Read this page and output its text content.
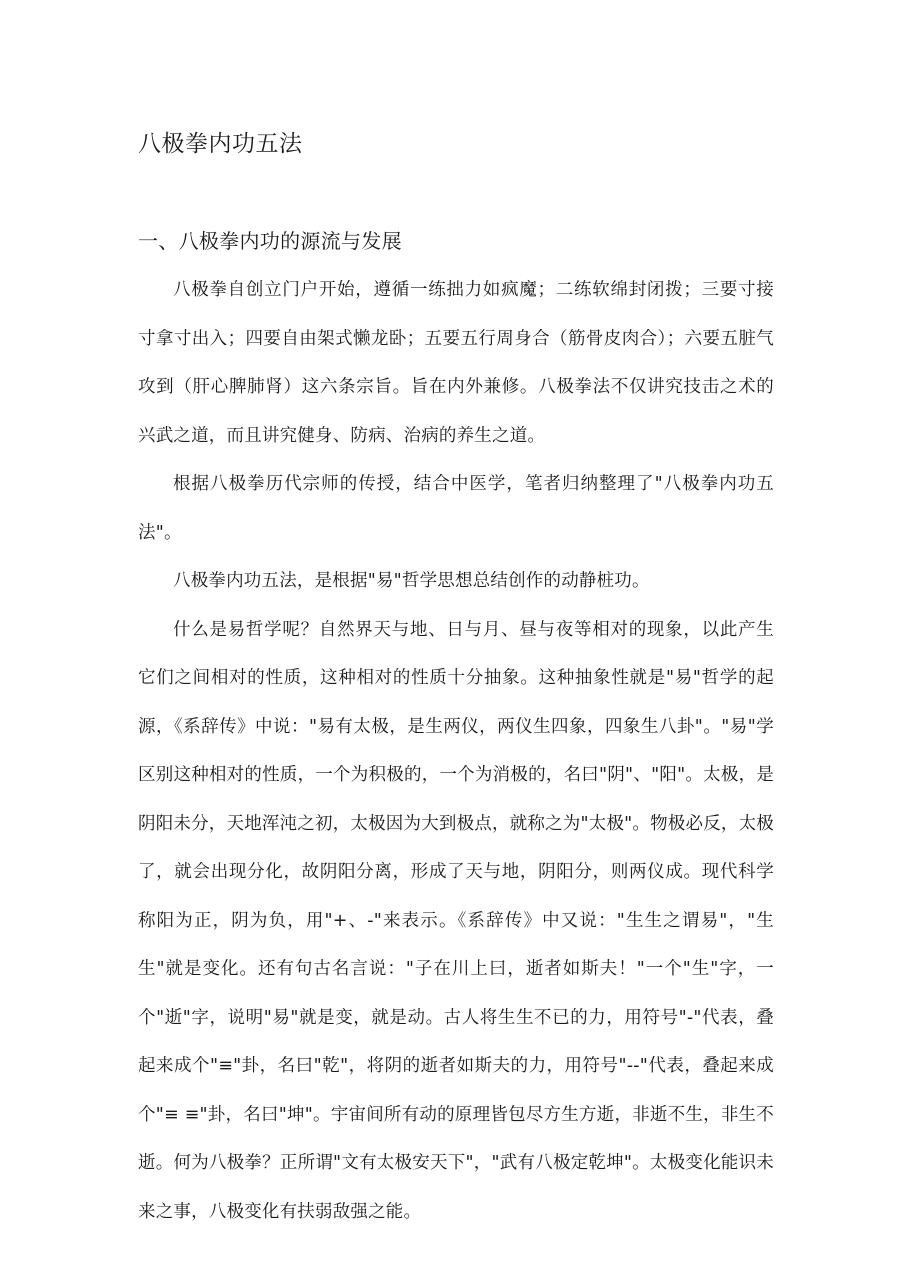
八极拳内功五法
一、八极拳内功的源流与发展

八极拳自创立门户开始，遵循一练拙力如疯魔；二练软绵封闭拨；三要寸接寸拿寸出入；四要自由架式懒龙卧；五要五行周身合（筋骨皮肉合）；六要五脏气攻到（肝心脾肺肾）这六条宗旨。旨在内外兼修。八极拳法不仅讲究技击之术的兴武之道，而且讲究健身、防病、治病的养生之道。

根据八极拳历代宗师的传授，结合中医学，笔者归纳整理了"八极拳内功五法"。

八极拳内功五法，是根据"易"哲学思想总结创作的动静桩功。

什么是易哲学呢？自然界天与地、日与月、昼与夜等相对的现象，以此产生它们之间相对的性质，这种相对的性质十分抽象。这种抽象性就是"易"哲学的起源，《系辞传》中说："易有太极，是生两仪，两仪生四象，四象生八卦"。"易"学区别这种相对的性质，一个为积极的，一个为消极的，名曰"阴"、"阳"。太极，是阴阳未分，天地浑沌之初，太极因为大到极点，就称之为"太极"。物极必反，太极了，就会出现分化，故阴阳分离，形成了天与地，阴阳分，则两仪成。现代科学称阳为正，阴为负，用"+、-"来表示。《系辞传》中又说："生生之谓易"，"生生"就是变化。还有句古名言说："子在川上曰，逝者如斯夫！"一个"生"字，一个"逝"字，说明"易"就是变，就是动。古人将生生不已的力，用符号"-"代表，叠起来成个"≡"卦，名曰"乾"，将阴的逝者如斯夫的力，用符号"--"代表，叠起来成个"≡ ≡"卦，名曰"坤"。宇宙间所有动的原理皆包尽方生方逝，非逝不生，非生不逝。何为八极拳？正所谓"文有太极安天下"，"武有八极定乾坤"。太极变化能识未来之事，八极变化有扶弱敌强之能。
